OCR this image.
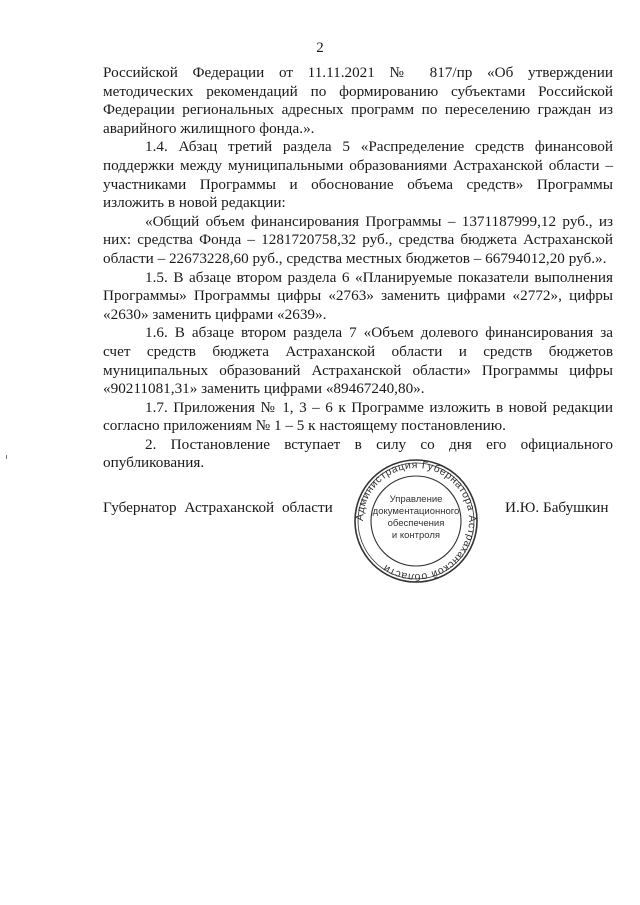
2

Российской Федерации от 11.11.2021 № 817/пр «Об утверждении методических рекомендаций по формированию субъектами Российской Федерации региональных адресных программ по переселению граждан из аварийного жилищного фонда.».

1.4. Абзац третий раздела 5 «Распределение средств финансовой поддержки между муниципальными образованиями Астраханской области – участниками Программы и обоснование объема средств» Программы изложить в новой редакции:

«Общий объем финансирования Программы – 1371187999,12 руб., из них: средства Фонда – 1281720758,32 руб., средства бюджета Астраханской области – 22673228,60 руб., средства местных бюджетов – 66794012,20 руб.».

1.5. В абзаце втором раздела 6 «Планируемые показатели выполнения Программы» Программы цифры «2763» заменить цифрами «2772», цифры «2630» заменить цифрами «2639».

1.6. В абзаце втором раздела 7 «Объем долевого финансирования за счет средств бюджета Астраханской области и средств бюджетов муниципальных образований Астраханской области» Программы цифры «90211081,31» заменить цифрами «89467240,80».

1.7. Приложения № 1, 3 – 6 к Программе изложить в новой редакции согласно приложениям № 1 – 5 к настоящему постановлению.

2. Постановление вступает в силу со дня его официального опубликования.

Губернатор Астраханской области	И.Ю. Бабушкин
Администрация Губернатора Астраханской области
Управление
документационного
обеспечения
и контроля
